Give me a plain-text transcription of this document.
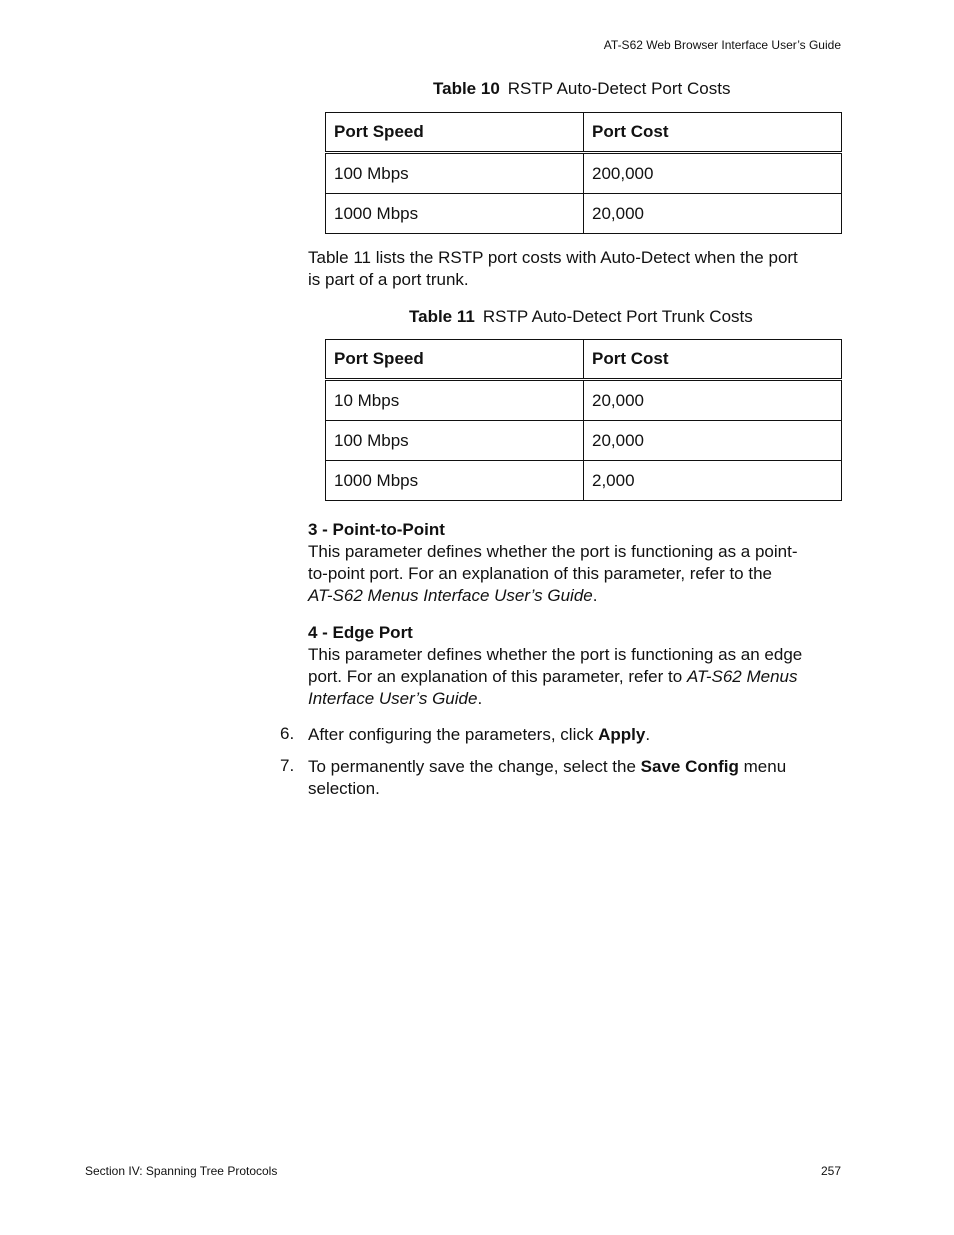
AT-S62 Web Browser Interface User’s Guide
Table 10 RSTP Auto-Detect Port Costs
Port Speed	Port Cost
100 Mbps	200,000
1000 Mbps	20,000
Table 11 lists the RSTP port costs with Auto-Detect when the port
is part of a port trunk.
Table 11 RSTP Auto-Detect Port Trunk Costs
Port Speed	Port Cost
10 Mbps	20,000
100 Mbps	20,000
1000 Mbps	2,000
3 - Point-to-Point
This parameter defines whether the port is functioning as a point-
to-point port. For an explanation of this parameter, refer to the
AT-S62 Menus Interface User’s Guide.
4 - Edge Port
This parameter defines whether the port is functioning as an edge
port. For an explanation of this parameter, refer to AT-S62 Menus
Interface User’s Guide.
6. After configuring the parameters, click Apply.
7. To permanently save the change, select the Save Config menu
selection.
Section IV: Spanning Tree Protocols	257
